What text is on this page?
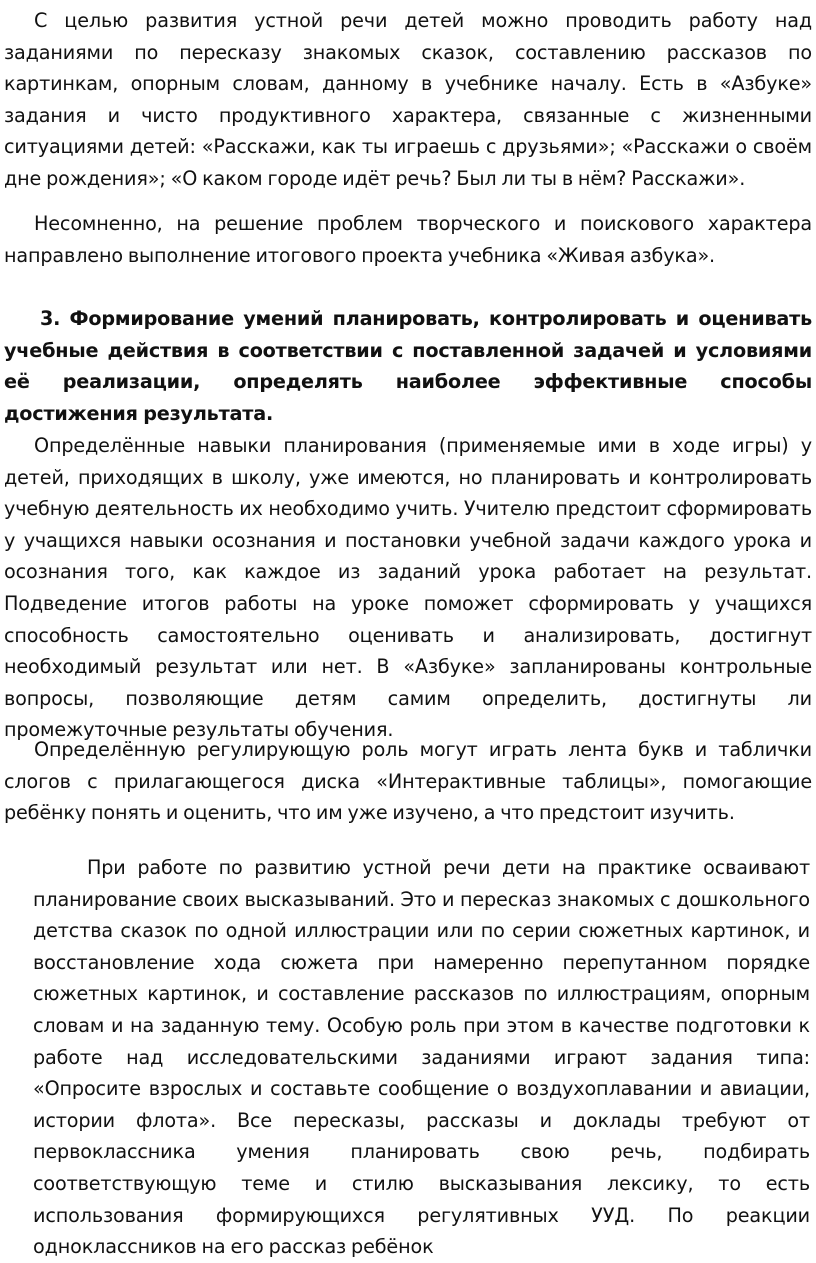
С целью развития устной речи детей можно проводить работу над заданиями по пересказу знакомых сказок, составлению рассказов по картинкам, опорным словам, данному в учебнике началу. Есть в «Азбуке» задания и чисто продуктивного характера, связанные с жизненными ситуациями детей: «Расскажи, как ты играешь с друзьями»; «Расскажи о своём дне рождения»; «О каком городе идёт речь? Был ли ты в нём? Расскажи».

Несомненно, на решение проблем творческого и поискового характера направлено выполнение итогового проекта учебника «Живая азбука».

3. Формирование умений планировать, контролировать и оценивать учебные действия в соответствии с поставленной задачей и условиями её реализации, определять наиболее эффективные способы достижения результата.

Определённые навыки планирования (применяемые ими в ходе игры) у детей, приходящих в школу, уже имеются, но планировать и контролировать учебную деятельность их необходимо учить. Учителю предстоит сформировать у учащихся навыки осознания и постановки учебной задачи каждого урока и осознания того, как каждое из заданий урока работает на результат. Подведение итогов работы на уроке поможет сформировать у учащихся способность самостоятельно оценивать и анализировать, достигнут необходимый результат или нет. В «Азбуке» запланированы контрольные вопросы, позволяющие детям самим определить, достигнуты ли промежуточные результаты обучения.

Определённую регулирующую роль могут играть лента букв и таблички слогов с прилагающегося диска «Интерактивные таблицы», помогающие ребёнку понять и оценить, что им уже изучено, а что предстоит изучить.

При работе по развитию устной речи дети на практике осваивают планирование своих высказываний. Это и пересказ знакомых с дошкольного детства сказок по одной иллюстрации или по серии сюжетных картинок, и восстановление хода сюжета при намеренно перепутанном порядке сюжетных картинок, и составление рассказов по иллюстрациям, опорным словам и на заданную тему. Особую роль при этом в качестве подготовки к работе над исследовательскими заданиями играют задания типа: «Опросите взрослых и составьте сообщение о воздухоплавании и авиации, истории флота». Все пересказы, рассказы и доклады требуют от первоклассника умения планировать свою речь, подбирать соответствующую теме и стилю высказывания лексику, то есть использования формирующихся регулятивных УУД. По реакции одноклассников на его рассказ ребёнок
